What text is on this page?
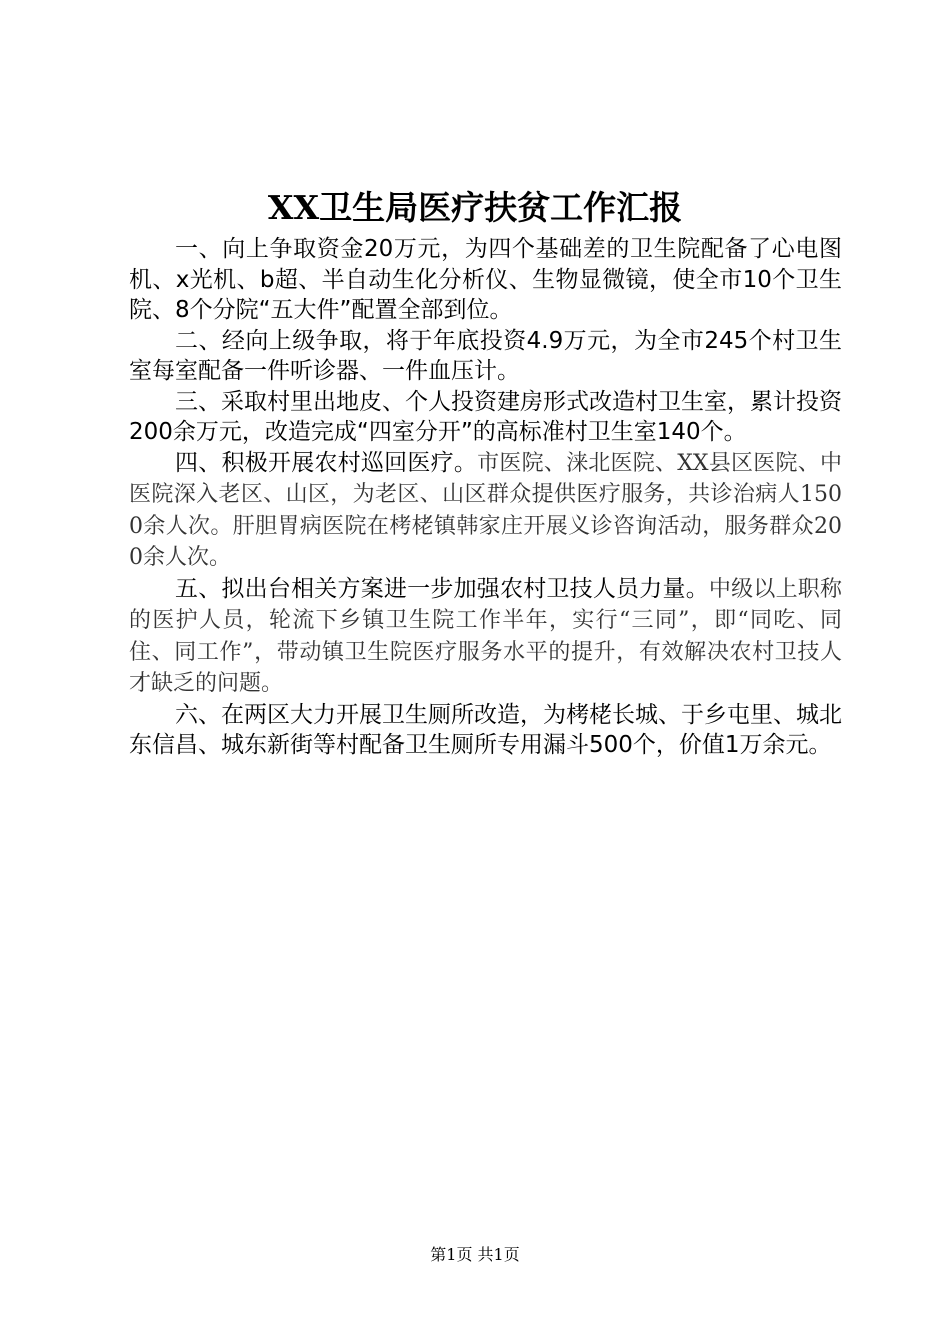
XX卫生局医疗扶贫工作汇报

一、向上争取资金20万元，为四个基础差的卫生院配备了心电图机、x光机、b超、半自动生化分析仪、生物显微镜，使全市10个卫生院、8个分院“五大件”配置全部到位。

二、经向上级争取，将于年底投资4.9万元，为全市245个村卫生室每室配备一件听诊器、一件血压计。

三、采取村里出地皮、个人投资建房形式改造村卫生室，累计投资200余万元，改造完成“四室分开”的高标准村卫生室140个。

四、积极开展农村巡回医疗。市医院、涞北医院、XX县区医院、中医院深入老区、山区，为老区、山区群众提供医疗服务，共诊治病人1500余人次。肝胆胃病医院在栲栳镇韩家庄开展义诊咨询活动，服务群众200余人次。

五、拟出台相关方案进一步加强农村卫技人员力量。中级以上职称的医护人员，轮流下乡镇卫生院工作半年，实行“三同”，即“同吃、同住、同工作”，带动镇卫生院医疗服务水平的提升，有效解决农村卫技人才缺乏的问题。

六、在两区大力开展卫生厕所改造，为栲栳长城、于乡屯里、城北东信昌、城东新街等村配备卫生厕所专用漏斗500个，价值1万余元。

第1页 共1页
